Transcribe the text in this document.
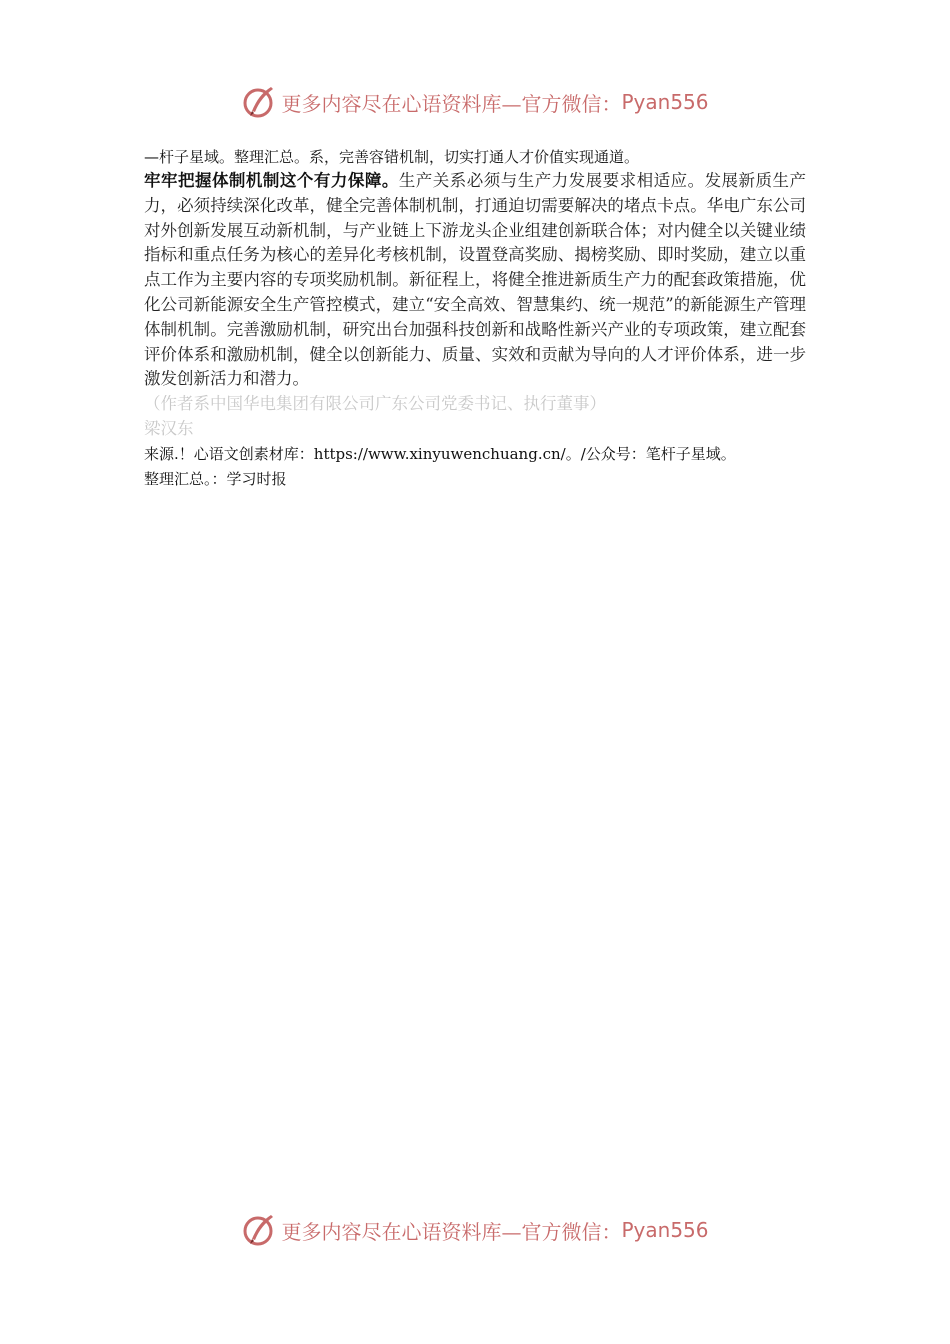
更多内容尽在心语资料库—官方微信： Pyan556
—杆子星域。整理汇总。系，完善容错机制，切实打通人才价值实现通道。

牢牢把握体制机制这个有力保障。生产关系必须与生产力发展要求相适应。发展新质生产力，必须持续深化改革，健全完善体制机制，打通迫切需要解决的堵点卡点。华电广东公司对外创新发展互动新机制，与产业链上下游龙头企业组建创新联合体；对内健全以关键业绩指标和重点任务为核心的差异化考核机制，设置登高奖励、揭榜奖励、即时奖励，建立以重点工作为主要内容的专项奖励机制。新征程上，将健全推进新质生产力的配套政策措施，优化公司新能源安全生产管控模式，建立“安全高效、智慧集约、统一规范”的新能源生产管理体制机制。完善激励机制，研究出台加强科技创新和战略性新兴产业的专项政策，建立配套评价体系和激励机制，健全以创新能力、质量、实效和贡献为导向的人才评价体系，进一步激发创新活力和潜力。

（作者系中国华电集团有限公司广东公司党委书记、执行董事）
梁汉东
来源.！心语文创素材库：https://www.xinyuwenchuang.cn/。/公众号：笔杆子星域。
整理汇总。：学习时报
更多内容尽在心语资料库—官方微信： Pyan556
